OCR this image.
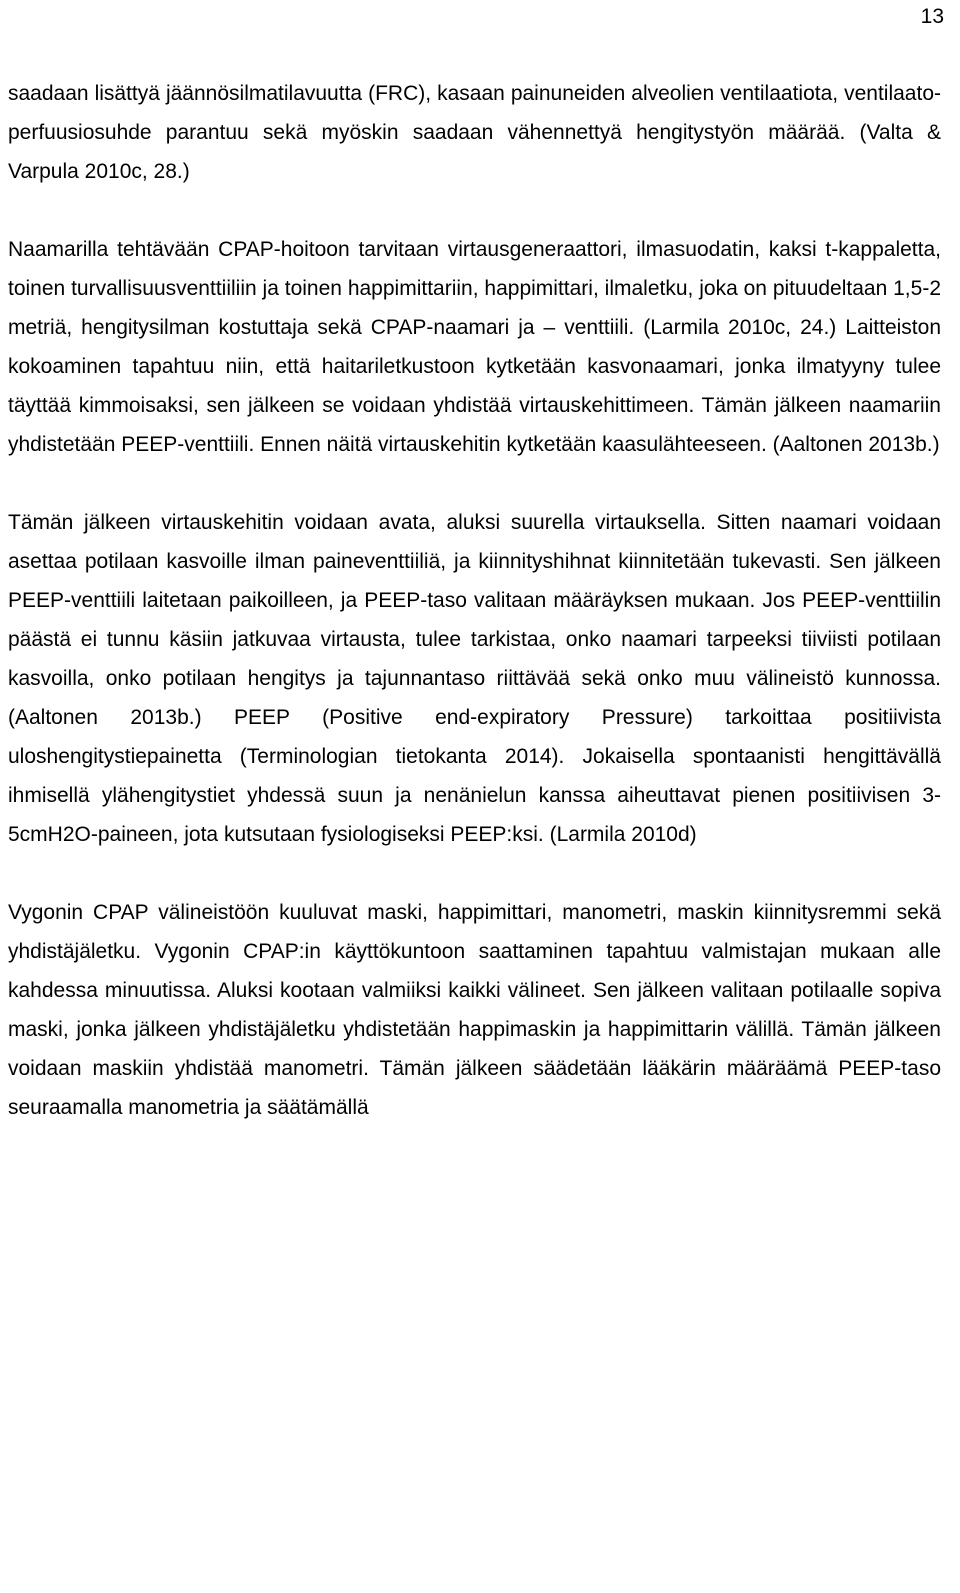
13

saadaan lisättyä jäännösilmatilavuutta (FRC), kasaan painuneiden alveolien ventilaatiota, ventilaato-perfuusiosuhde parantuu sekä myöskin saadaan vähennettyä hengitystyön määrää. (Valta & Varpula 2010c, 28.)

Naamarilla tehtävään CPAP-hoitoon tarvitaan virtausgeneraattori, ilmasuodatin, kaksi t-kappaletta, toinen turvallisuusventtiiliin ja toinen happimittariin, happimittari, ilmaletku, joka on pituudeltaan 1,5-2 metriä, hengitysilman kostuttaja sekä CPAP-naamari ja – venttiili. (Larmila 2010c, 24.) Laitteiston kokoaminen tapahtuu niin, että haitariletkustoon kytketään kasvonaamari, jonka ilmatyyny tulee täyttää kimmoisaksi, sen jälkeen se voidaan yhdistää virtauskehittimeen. Tämän jälkeen naamariin yhdistetään PEEP-venttiili. Ennen näitä virtauskehitin kytketään kaasulähteeseen. (Aaltonen 2013b.)

Tämän jälkeen virtauskehitin voidaan avata, aluksi suurella virtauksella. Sitten naamari voidaan asettaa potilaan kasvoille ilman paineventtiiliä, ja kiinnityshihnat kiinnitetään tukevasti. Sen jälkeen PEEP-venttiili laitetaan paikoilleen, ja PEEP-taso valitaan määräyksen mukaan. Jos PEEP-venttiilin päästä ei tunnu käsiin jatkuvaa virtausta, tulee tarkistaa, onko naamari tarpeeksi tiiviisti potilaan kasvoilla, onko potilaan hengitys ja tajunnantaso riittävää sekä onko muu välineistö kunnossa. (Aaltonen 2013b.) PEEP (Positive end-expiratory Pressure) tarkoittaa positiivista uloshengitystiepainetta (Terminologian tietokanta 2014). Jokaisella spontaanisti hengittävällä ihmisellä ylähengitystiet yhdessä suun ja nenänielun kanssa aiheuttavat pienen positiivisen 3-5cmH2O-paineen, jota kutsutaan fysiologiseksi PEEP:ksi. (Larmila 2010d)

Vygonin CPAP välineistöön kuuluvat maski, happimittari, manometri, maskin kiinnitysremmi sekä yhdistäjäletku. Vygonin CPAP:in käyttökuntoon saattaminen tapahtuu valmistajan mukaan alle kahdessa minuutissa. Aluksi kootaan valmiiksi kaikki välineet. Sen jälkeen valitaan potilaalle sopiva maski, jonka jälkeen yhdistäjäletku yhdistetään happimaskin ja happimittarin välillä. Tämän jälkeen voidaan maskiin yhdistää manometri. Tämän jälkeen säädetään lääkärin määräämä PEEP-taso seuraamalla manometria ja säätämällä
